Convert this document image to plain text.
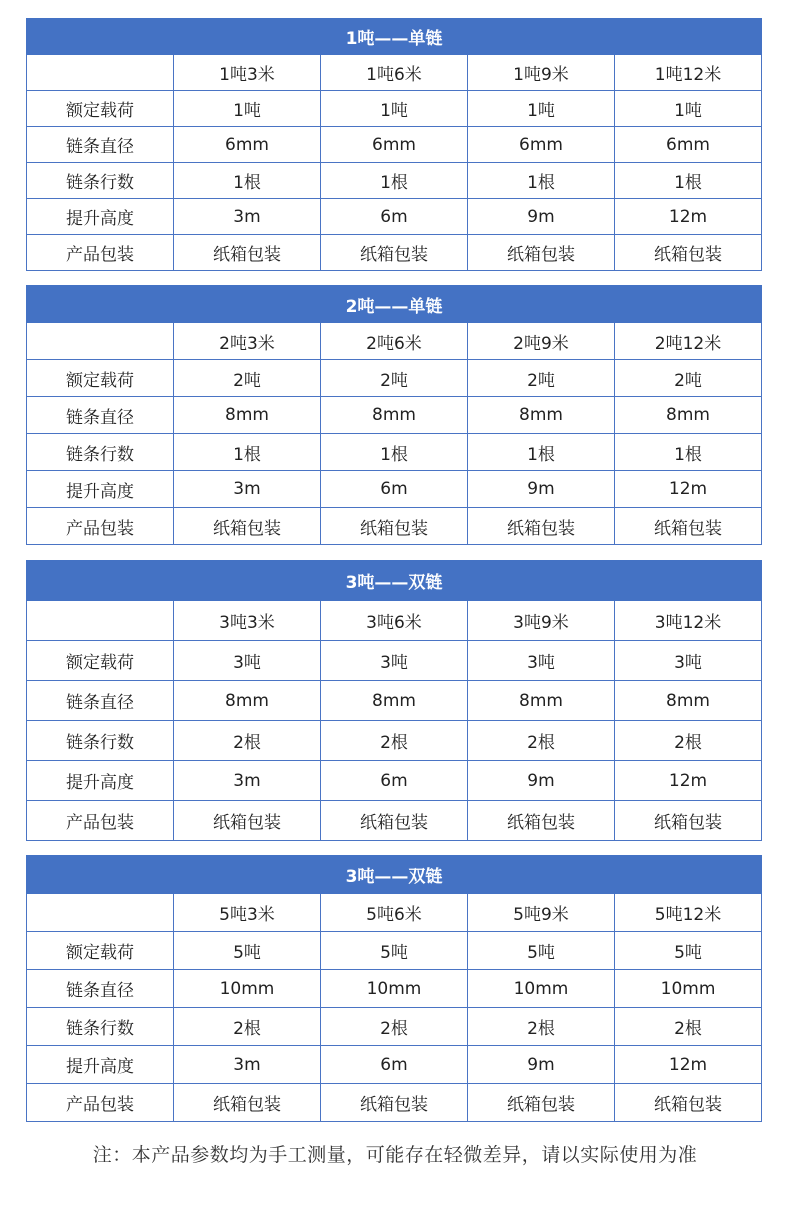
1吨——单链				
	1吨3米	1吨6米	1吨9米	1吨12米
额定载荷	1吨	1吨	1吨	1吨
链条直径	6mm	6mm	6mm	6mm
链条行数	1根	1根	1根	1根
提升高度	3m	6m	9m	12m
产品包装	纸箱包装	纸箱包装	纸箱包装	纸箱包装
2吨——单链				
	2吨3米	2吨6米	2吨9米	2吨12米
额定载荷	2吨	2吨	2吨	2吨
链条直径	8mm	8mm	8mm	8mm
链条行数	1根	1根	1根	1根
提升高度	3m	6m	9m	12m
产品包装	纸箱包装	纸箱包装	纸箱包装	纸箱包装
3吨——双链				
	3吨3米	3吨6米	3吨9米	3吨12米
额定载荷	3吨	3吨	3吨	3吨
链条直径	8mm	8mm	8mm	8mm
链条行数	2根	2根	2根	2根
提升高度	3m	6m	9m	12m
产品包装	纸箱包装	纸箱包装	纸箱包装	纸箱包装
3吨——双链				
	5吨3米	5吨6米	5吨9米	5吨12米
额定载荷	5吨	5吨	5吨	5吨
链条直径	10mm	10mm	10mm	10mm
链条行数	2根	2根	2根	2根
提升高度	3m	6m	9m	12m
产品包装	纸箱包装	纸箱包装	纸箱包装	纸箱包装
注：本产品参数均为手工测量，可能存在轻微差异，请以实际使用为准
